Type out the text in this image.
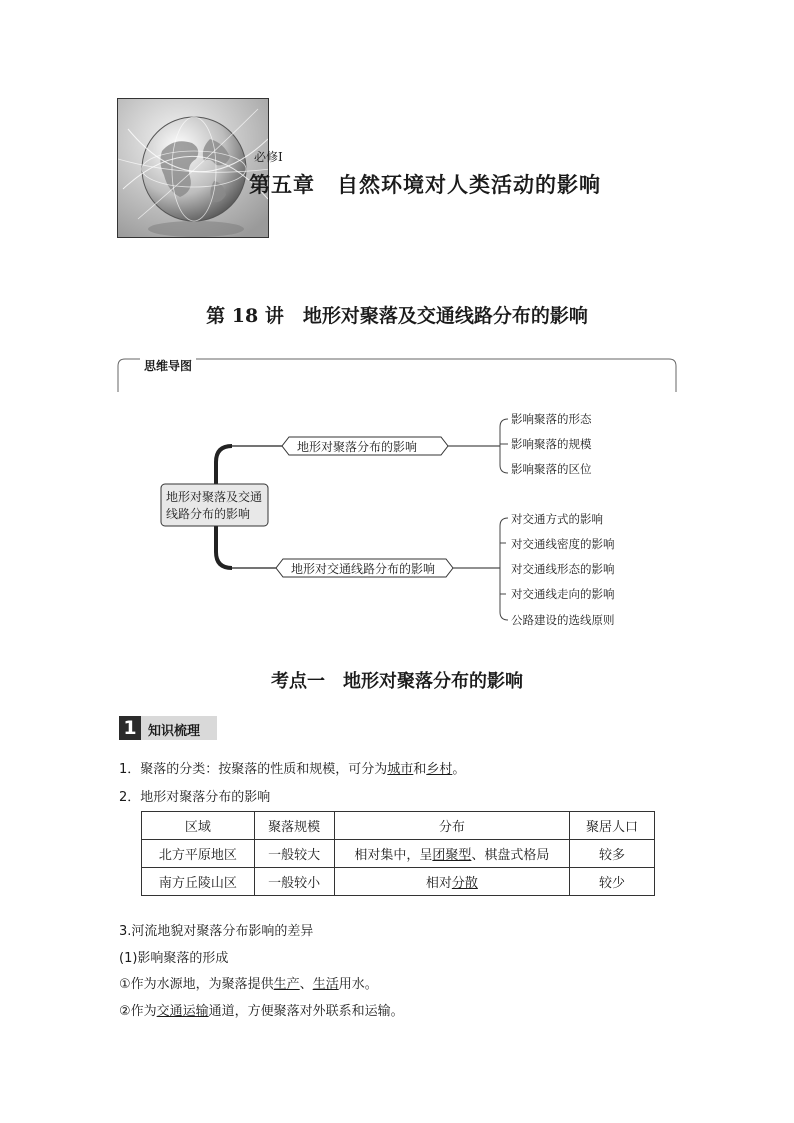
必修Ⅰ
第五章　自然环境对人类活动的影响
第 18 讲　地形对聚落及交通线路分布的影响
思维导图
地形对聚落及交通
线路分布的影响
地形对聚落分布的影响
地形对交通线路分布的影响
影响聚落的形态
影响聚落的规模
影响聚落的区位
对交通方式的影响
对交通线密度的影响
对交通线形态的影响
对交通线走向的影响
公路建设的选线原则
考点一　地形对聚落分布的影响
1 知识梳理
1．聚落的分类：按聚落的性质和规模，可分为城市和乡村。
2．地形对聚落分布的影响
区域	聚落规模	分布	聚居人口
北方平原地区	一般较大	相对集中，呈团聚型、棋盘式格局	较多
南方丘陵山区	一般较小	相对分散	较少
3.河流地貌对聚落分布影响的差异
(1)影响聚落的形成
①作为水源地，为聚落提供生产、生活用水。
②作为交通运输通道，方便聚落对外联系和运输。
